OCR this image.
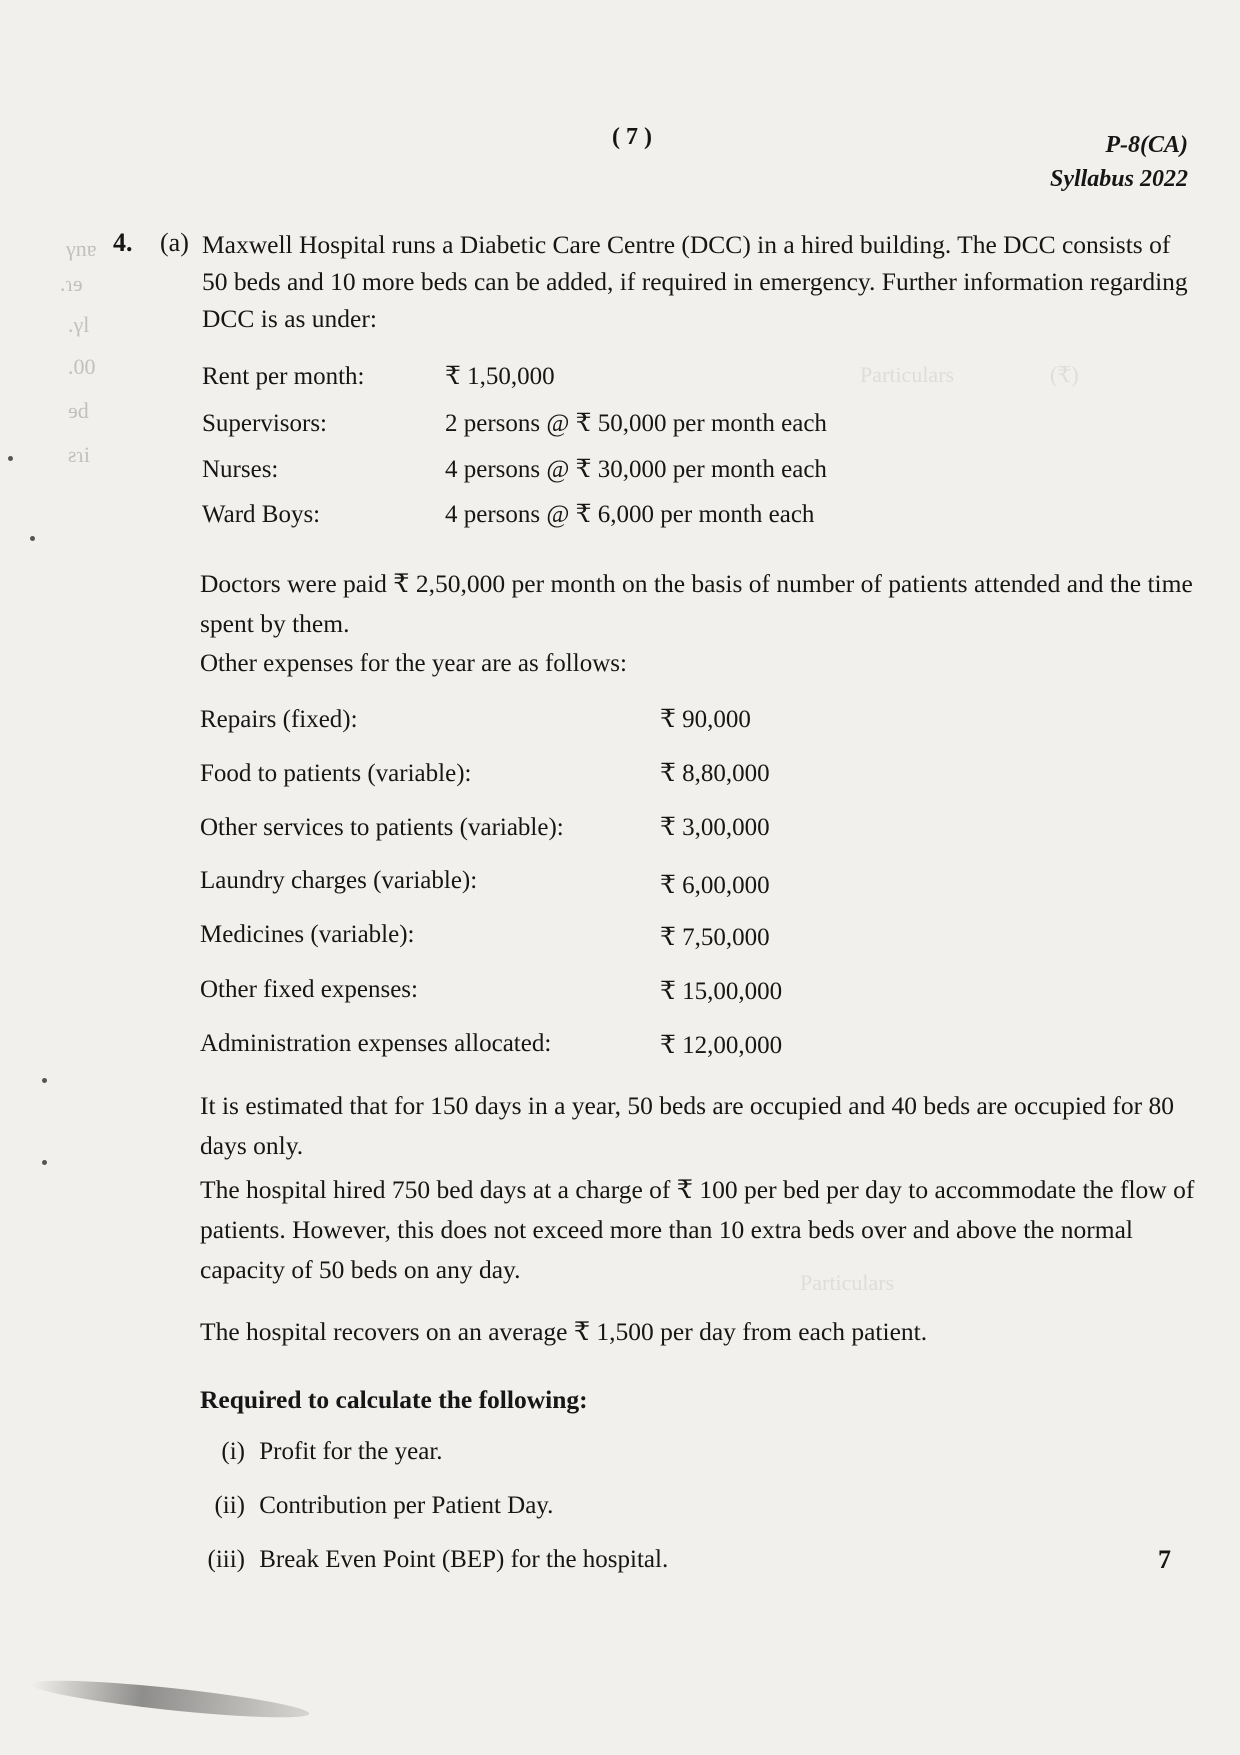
Particulars	(₹)
Particulars
γnɐ
.ɿɘ
.γl
.00
ɘd
ƨɿi
( 7 )	P-8(CA)
Syllabus 2022
4. (a) Maxwell Hospital runs a Diabetic Care Centre (DCC) in a hired building. The DCC consists of 50 beds and 10 more beds can be added, if required in emergency. Further information regarding DCC is as under:
Rent per month:	₹ 1,50,000
Supervisors:	2 persons @ ₹ 50,000 per month each
Nurses:	4 persons @ ₹ 30,000 per month each
Ward Boys:	4 persons @ ₹ 6,000 per month each
Doctors were paid ₹ 2,50,000 per month on the basis of number of patients attended and the time spent by them.
Other expenses for the year are as follows:
Repairs (fixed):	₹ 90,000
Food to patients (variable):	₹ 8,80,000
Other services to patients (variable):	₹ 3,00,000
Laundry charges (variable):	₹ 6,00,000
Medicines (variable):	₹ 7,50,000
Other fixed expenses:	₹ 15,00,000
Administration expenses allocated:	₹ 12,00,000
It is estimated that for 150 days in a year, 50 beds are occupied and 40 beds are occupied for 80 days only.
The hospital hired 750 bed days at a charge of ₹ 100 per bed per day to accommodate the flow of patients. However, this does not exceed more than 10 extra beds over and above the normal capacity of 50 beds on any day.
The hospital recovers on an average ₹ 1,500 per day from each patient.
Required to calculate the following:
(i) Profit for the year.
(ii) Contribution per Patient Day.
(iii) Break Even Point (BEP) for the hospital.	7
